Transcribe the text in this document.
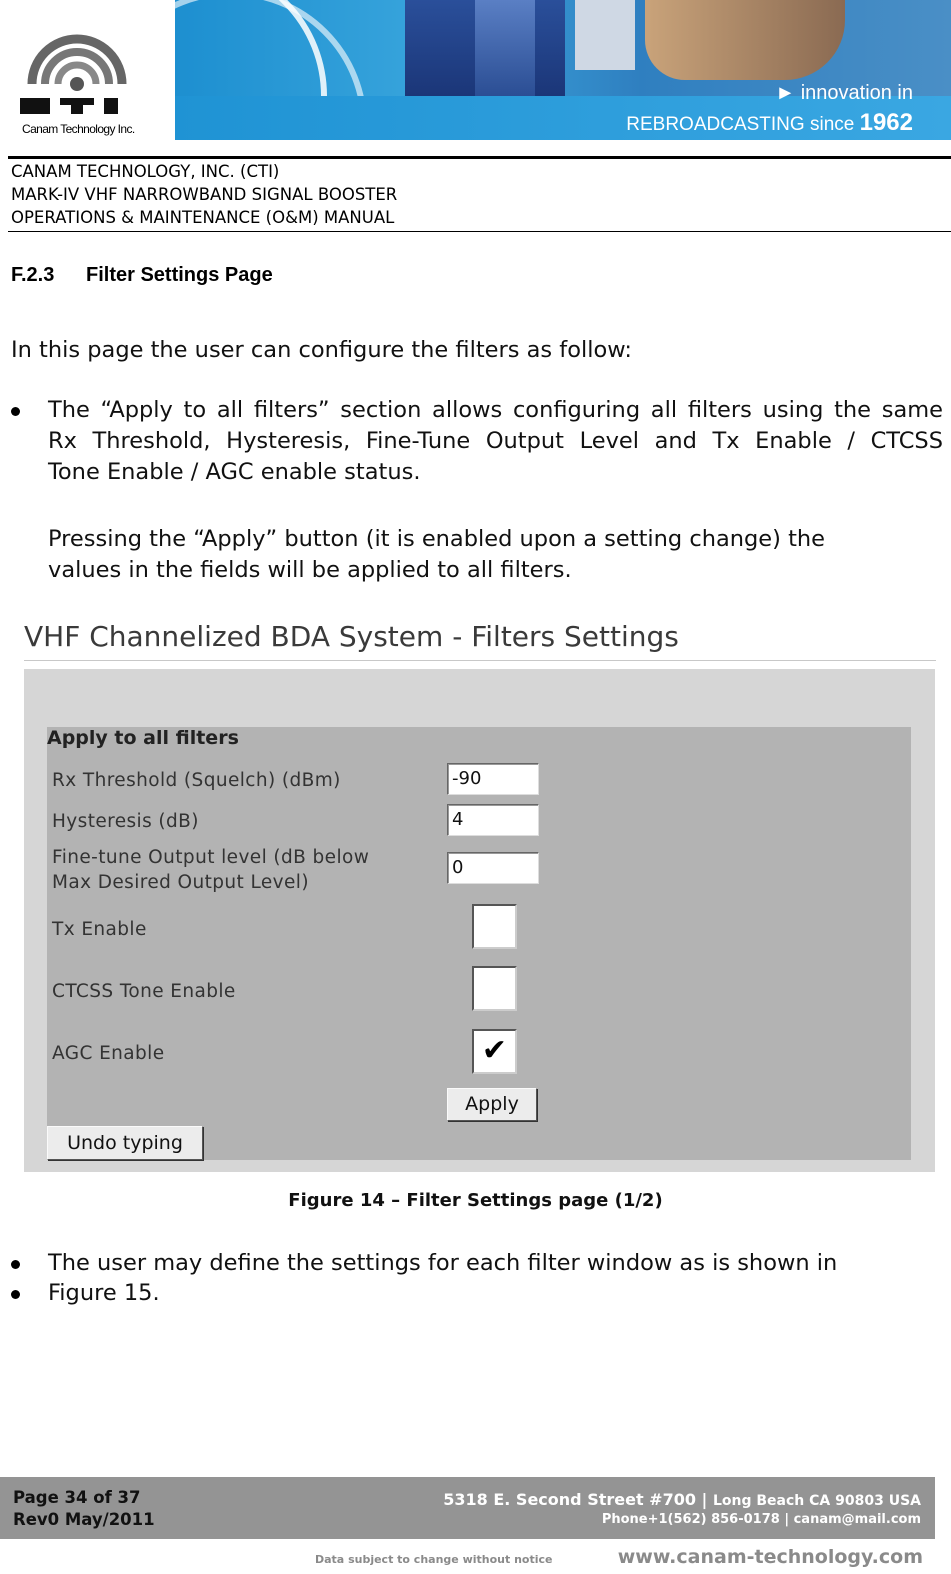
Canam Technology Inc.
► innovation in
REBROADCASTING since 1962
CANAM TECHNOLOGY, INC. (CTI)
MARK-IV VHF NARROWBAND SIGNAL BOOSTER
OPERATIONS & MAINTENANCE (O&M) MANUAL
F.2.3 Filter Settings Page
In this page the user can configure the filters as follow:
The “Apply to all filters” section allows configuring all filters using the same
Rx Threshold, Hysteresis, Fine-Tune Output Level and Tx Enable / CTCSS
Tone Enable / AGC enable status.
Pressing the “Apply” button (it is enabled upon a setting change) the
values in the fields will be applied to all filters.
VHF Channelized BDA System - Filters Settings
Apply to all filters
Rx Threshold (Squelch) (dBm)	-90
Hysteresis (dB)	4
Fine-tune Output level (dB below
Max Desired Output Level)
0
Tx Enable
CTCSS Tone Enable
AGC Enable	✔
Apply
Undo typing
Figure 14 – Filter Settings page (1/2)
The user may define the settings for each filter window as is shown in
Figure 15.
Page 34 of 37
Rev0 May/2011
5318 E. Second Street #700 | Long Beach CA 90803 USA
Phone+1(562) 856-0178 | canam@mail.com
Data subject to change without notice	www.canam-technology.com
